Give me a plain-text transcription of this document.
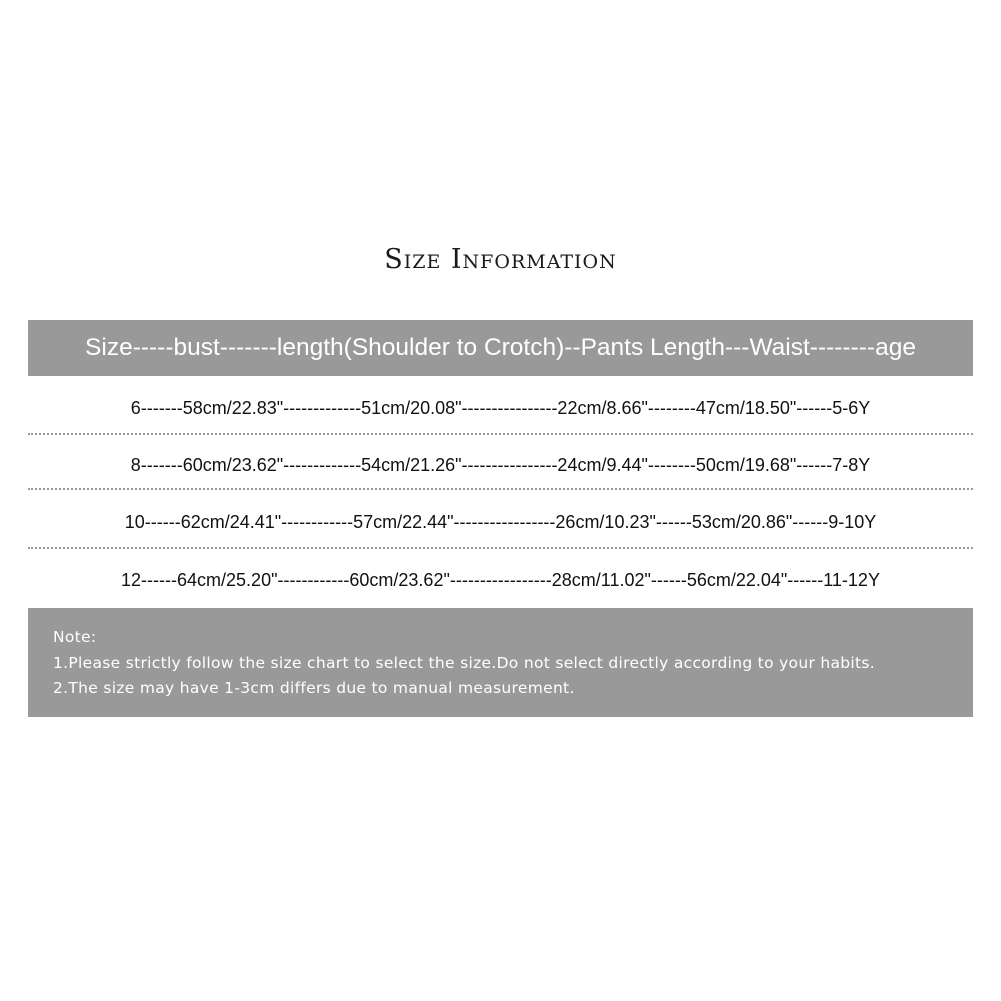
Size Information
Size-----bust-------length(Shoulder to Crotch)--Pants Length---Waist--------age
6-------58cm/22.83"-------------51cm/20.08"----------------22cm/8.66"--------47cm/18.50"------5-6Y
8-------60cm/23.62"-------------54cm/21.26"----------------24cm/9.44"--------50cm/19.68"------7-8Y
10------62cm/24.41"------------57cm/22.44"-----------------26cm/10.23"------53cm/20.86"------9-10Y
12------64cm/25.20"------------60cm/23.62"-----------------28cm/11.02"------56cm/22.04"------11-12Y
Note:
1.Please strictly follow the size chart to select the size.Do not select directly according to your habits.
2.The size may have 1-3cm differs due to manual measurement.
